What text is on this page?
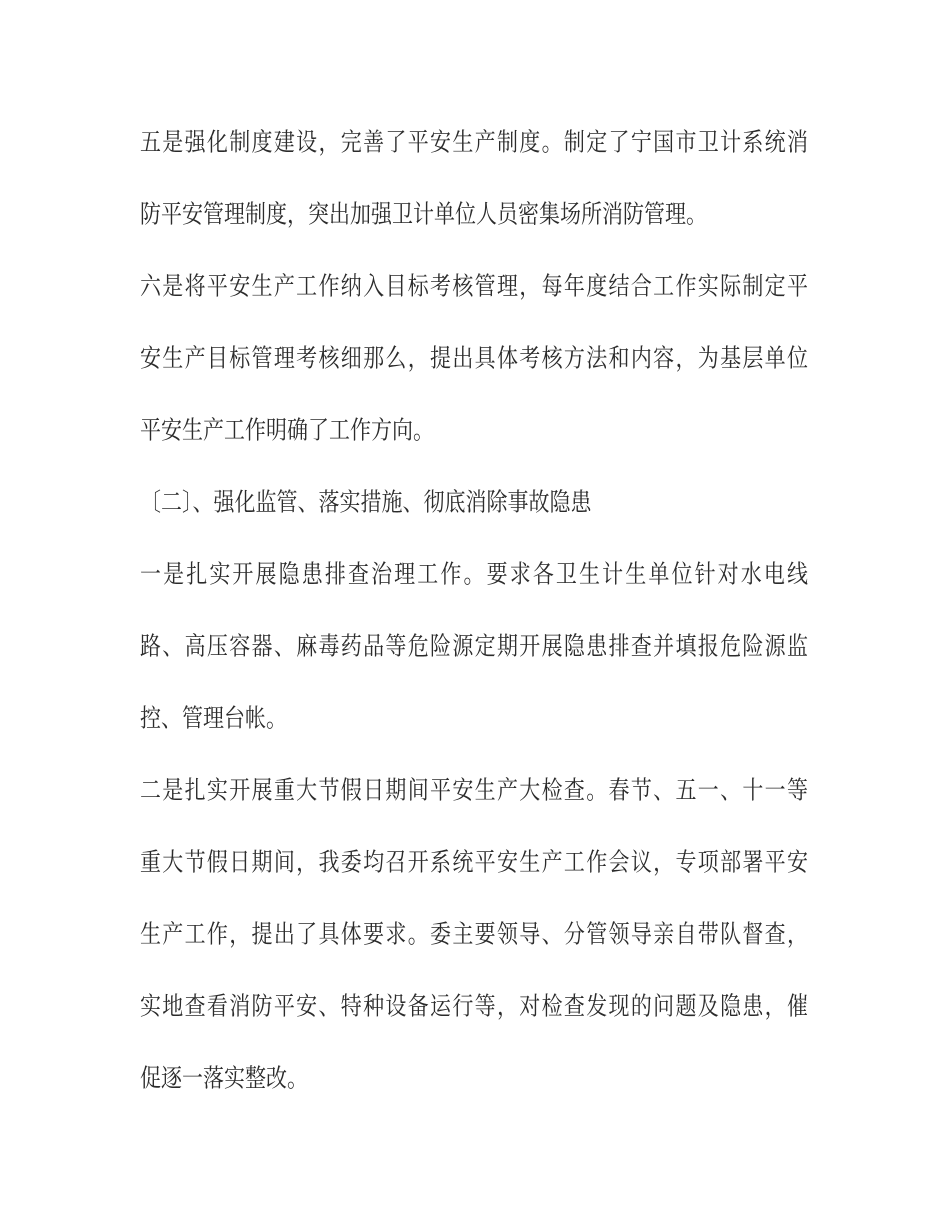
五是强化制度建设，完善了平安生产制度。制定了宁国市卫计系统消
防平安管理制度，突出加强卫计单位人员密集场所消防管理。
六是将平安生产工作纳入目标考核管理，每年度结合工作实际制定平
安生产目标管理考核细那么，提出具体考核方法和内容，为基层单位
平安生产工作明确了工作方向。
〔二〕、强化监管、落实措施、彻底消除事故隐患
一是扎实开展隐患排查治理工作。要求各卫生计生单位针对水电线
路、高压容器、麻毒药品等危险源定期开展隐患排查并填报危险源监
控、管理台帐。
二是扎实开展重大节假日期间平安生产大检查。春节、五一、十一等
重大节假日期间，我委均召开系统平安生产工作会议，专项部署平安
生产工作，提出了具体要求。委主要领导、分管领导亲自带队督查，
实地查看消防平安、特种设备运行等，对检查发现的问题及隐患，催
促逐一落实整改。
